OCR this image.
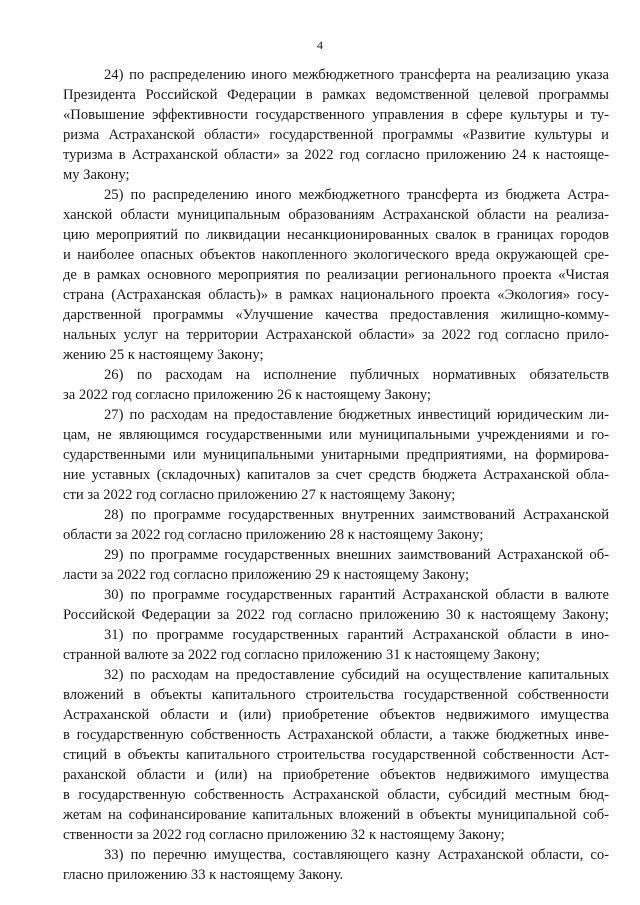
4
24) по распределению иного межбюджетного трансферта на реализацию указа
Президента Российской Федерации в рамках ведомственной целевой программы
«Повышение эффективности государственного управления в сфере культуры и ту-
ризма Астраханской области» государственной программы «Развитие культуры и
туризма в Астраханской области» за 2022 год согласно приложению 24 к настояще-
му Закону;
25) по распределению иного межбюджетного трансферта из бюджета Астра-
ханской области муниципальным образованиям Астраханской области на реализа-
цию мероприятий по ликвидации несанкционированных свалок в границах городов
и наиболее опасных объектов накопленного экологического вреда окружающей сре-
де в рамках основного мероприятия по реализации регионального проекта «Чистая
страна (Астраханская область)» в рамках национального проекта «Экология» госу-
дарственной программы «Улучшение качества предоставления жилищно-комму-
нальных услуг на территории Астраханской области» за 2022 год согласно прило-
жению 25 к настоящему Закону;
26) по расходам на исполнение публичных нормативных обязательств
за 2022 год согласно приложению 26 к настоящему Закону;
27) по расходам на предоставление бюджетных инвестиций юридическим ли-
цам, не являющимся государственными или муниципальными учреждениями и го-
сударственными или муниципальными унитарными предприятиями, на формирова-
ние уставных (складочных) капиталов за счет средств бюджета Астраханской обла-
сти за 2022 год согласно приложению 27 к настоящему Закону;
28) по программе государственных внутренних заимствований Астраханской
области за 2022 год согласно приложению 28 к настоящему Закону;
29) по программе государственных внешних заимствований Астраханской об-
ласти за 2022 год согласно приложению 29 к настоящему Закону;
30) по программе государственных гарантий Астраханской области в валюте
Российской Федерации за 2022 год согласно приложению 30 к настоящему Закону;
31) по программе государственных гарантий Астраханской области в ино-
странной валюте за 2022 год согласно приложению 31 к настоящему Закону;
32) по расходам на предоставление субсидий на осуществление капитальных
вложений в объекты капитального строительства государственной собственности
Астраханской области и (или) приобретение объектов недвижимого имущества
в государственную собственность Астраханской области, а также бюджетных инве-
стиций в объекты капитального строительства государственной собственности Аст-
раханской области и (или) на приобретение объектов недвижимого имущества
в государственную собственность Астраханской области, субсидий местным бюд-
жетам на софинансирование капитальных вложений в объекты муниципальной соб-
ственности за 2022 год согласно приложению 32 к настоящему Закону;
33) по перечню имущества, составляющего казну Астраханской области, со-
гласно приложению 33 к настоящему Закону.
